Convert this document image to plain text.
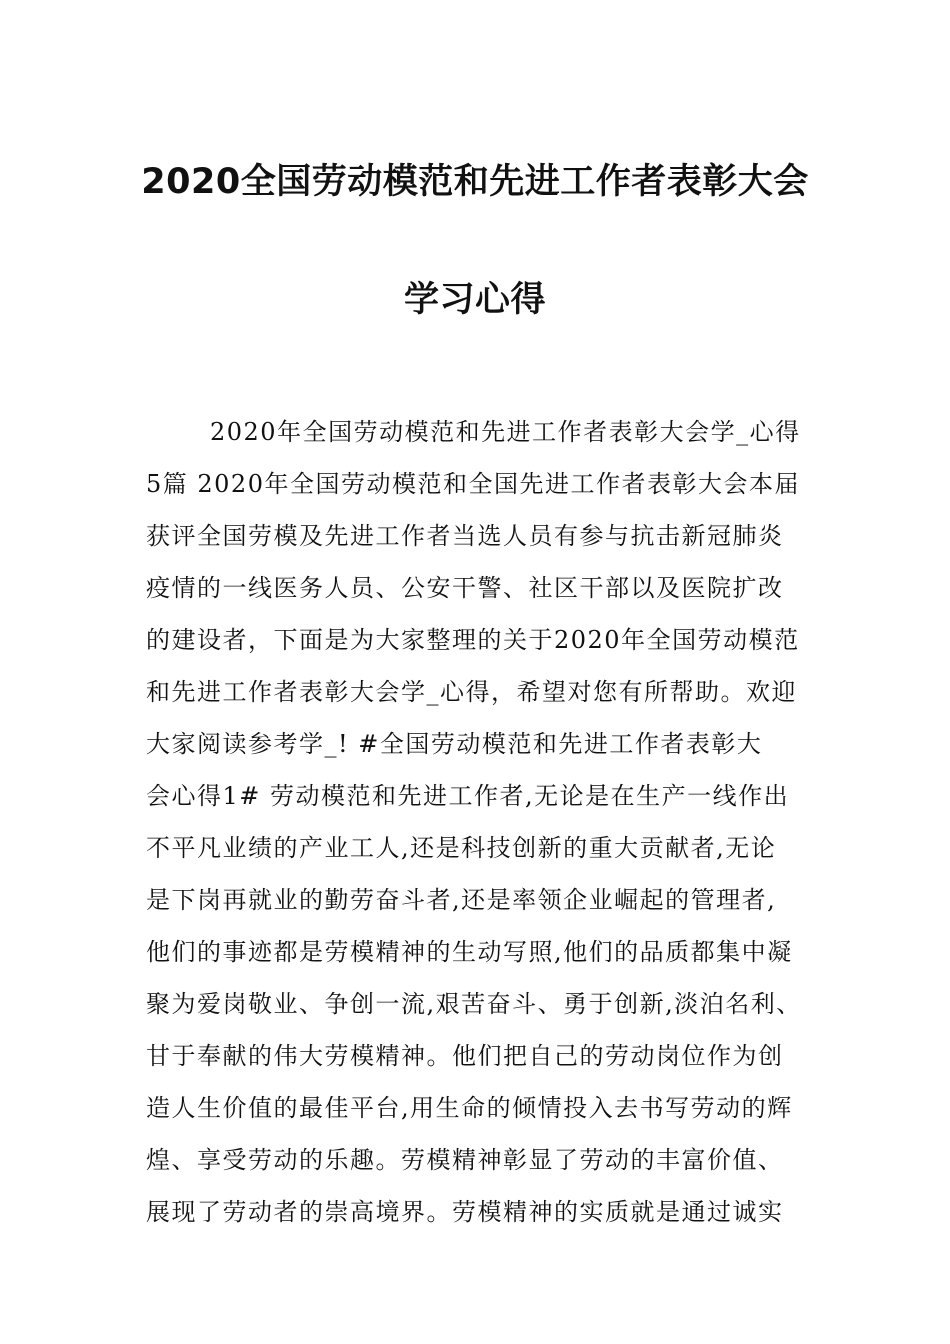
2020全国劳动模范和先进工作者表彰大会
学习心得
2020年全国劳动模范和先进工作者表彰大会学_心得
5篇 2020年全国劳动模范和全国先进工作者表彰大会本届
获评全国劳模及先进工作者当选人员有参与抗击新冠肺炎
疫情的一线医务人员、公安干警、社区干部以及医院扩改
的建设者，下面是为大家整理的关于2020年全国劳动模范
和先进工作者表彰大会学_心得，希望对您有所帮助。欢迎
大家阅读参考学_! #全国劳动模范和先进工作者表彰大
会心得1# 劳动模范和先进工作者,无论是在生产一线作出
不平凡业绩的产业工人,还是科技创新的重大贡献者,无论
是下岗再就业的勤劳奋斗者,还是率领企业崛起的管理者,
他们的事迹都是劳模精神的生动写照,他们的品质都集中凝
聚为爱岗敬业、争创一流,艰苦奋斗、勇于创新,淡泊名利、
甘于奉献的伟大劳模精神。他们把自己的劳动岗位作为创
造人生价值的最佳平台,用生命的倾情投入去书写劳动的辉
煌、享受劳动的乐趣。劳模精神彰显了劳动的丰富价值、
展现了劳动者的崇高境界。劳模精神的实质就是通过诚实
